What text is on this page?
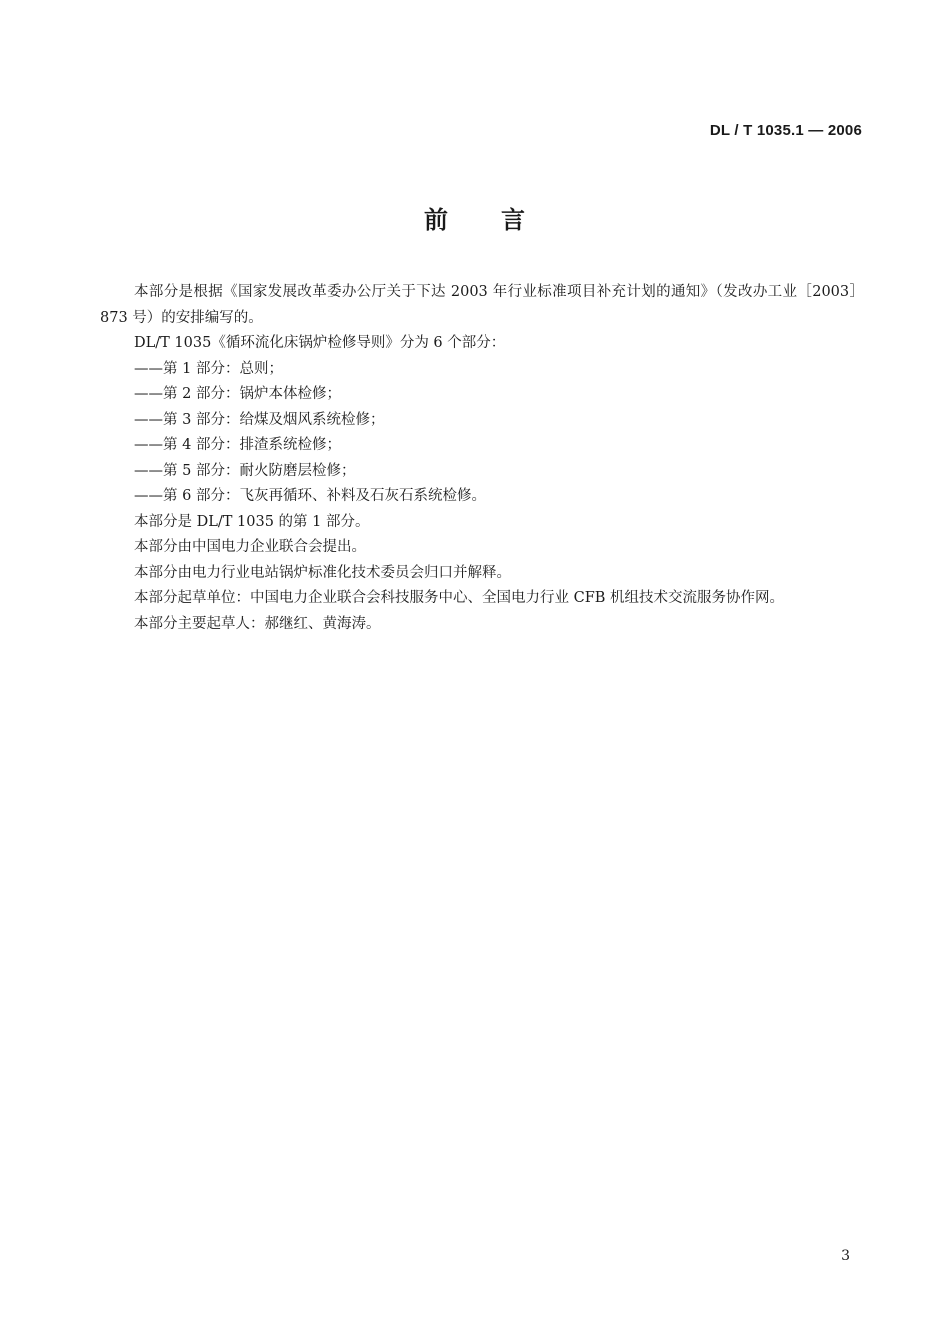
DL / T 1035.1 — 2006
前 言

本部分是根据《国家发展改革委办公厅关于下达 2003 年行业标准项目补充计划的通知》（发改办工业［2003］873 号）的安排编写的。

DL/T 1035《循环流化床锅炉检修导则》分为 6 个部分：

——第 1 部分：总则；

——第 2 部分：锅炉本体检修；

——第 3 部分：给煤及烟风系统检修；

——第 4 部分：排渣系统检修；

——第 5 部分：耐火防磨层检修；

——第 6 部分：飞灰再循环、补料及石灰石系统检修。

本部分是 DL/T 1035 的第 1 部分。

本部分由中国电力企业联合会提出。

本部分由电力行业电站锅炉标准化技术委员会归口并解释。

本部分起草单位：中国电力企业联合会科技服务中心、全国电力行业 CFB 机组技术交流服务协作网。

本部分主要起草人：郝继红、黄海涛。

3
